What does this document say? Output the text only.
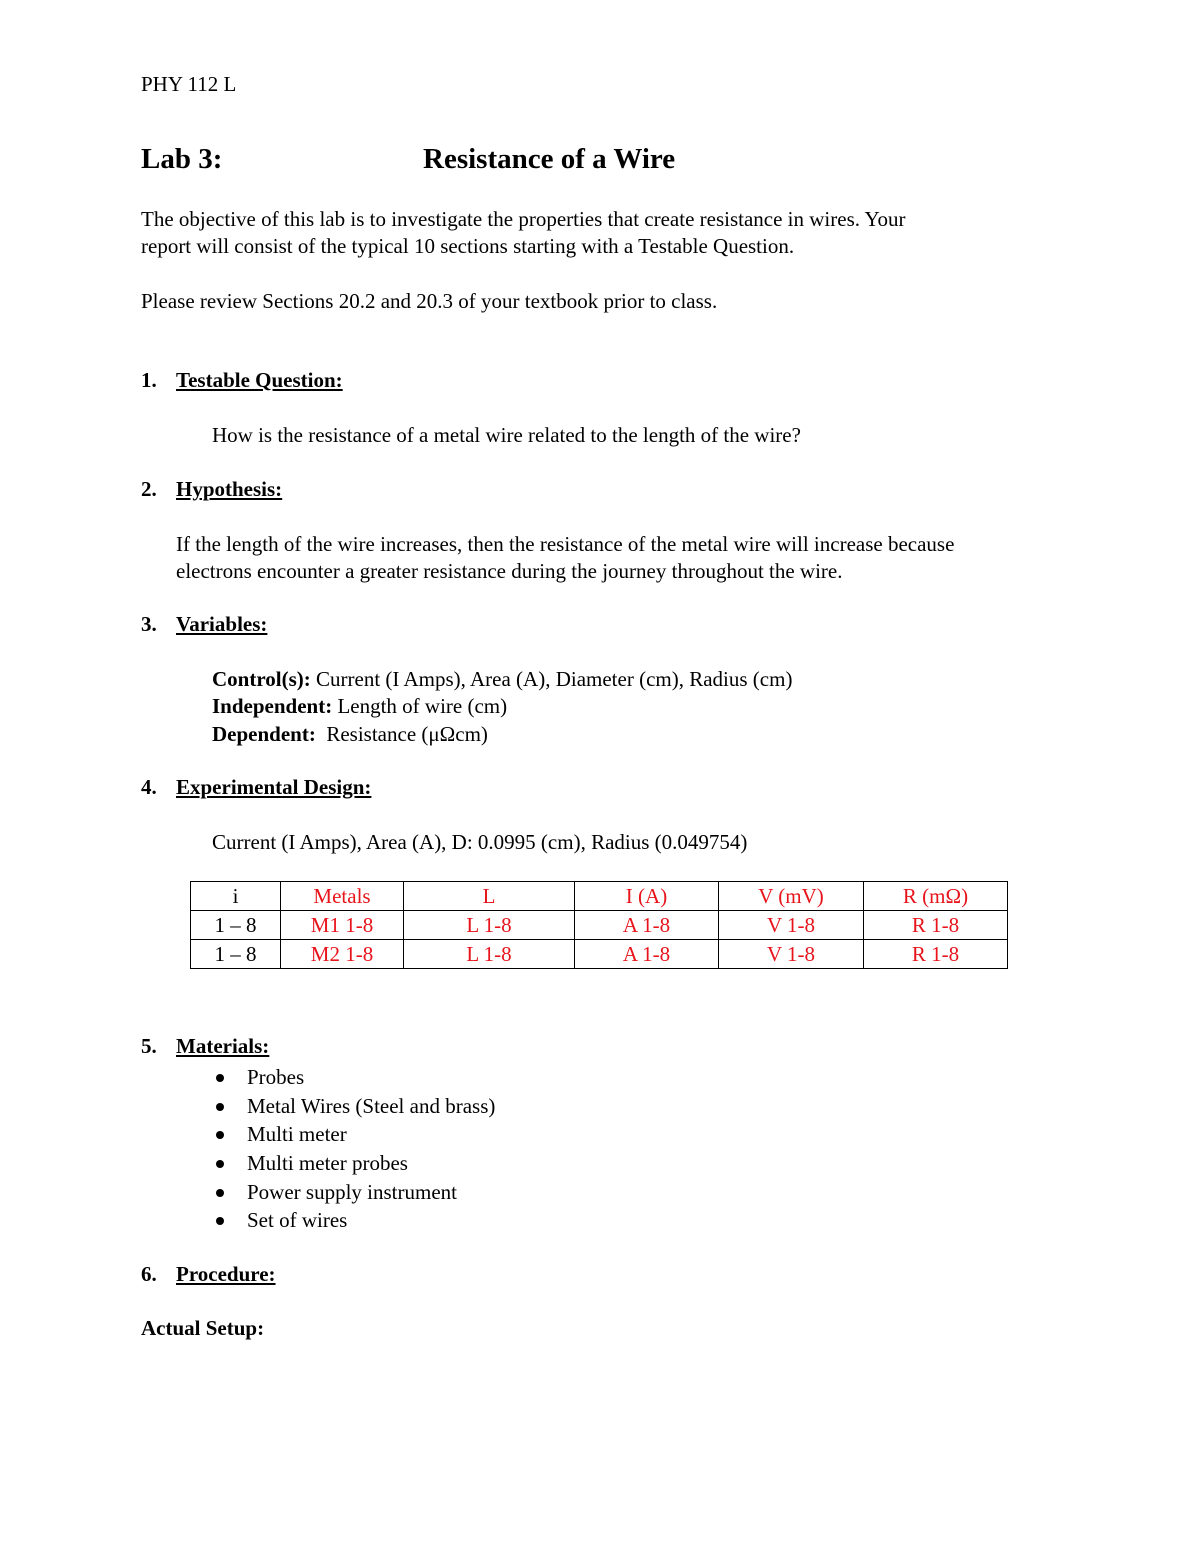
PHY 112 L
Lab 3:	Resistance of a Wire
The objective of this lab is to investigate the properties that create resistance in wires. Your
report will consist of the typical 10 sections starting with a Testable Question.
Please review Sections 20.2 and 20.3 of your textbook prior to class.
1. Testable Question:
How is the resistance of a metal wire related to the length of the wire?
2. Hypothesis:
If the length of the wire increases, then the resistance of the metal wire will increase because
electrons encounter a greater resistance during the journey throughout the wire.
3. Variables:
Control(s): Current (I Amps), Area (A), Diameter (cm), Radius (cm)
Independent: Length of wire (cm)
Dependent:  Resistance (μΩcm)
4. Experimental Design:
Current (I Amps), Area (A), D: 0.0995 (cm), Radius (0.049754)
i	Metals	L	I (A)	V (mV)	R (mΩ)
1 – 8	M1 1-8	L 1-8	A 1-8	V 1-8	R 1-8
1 – 8	M2 1-8	L 1-8	A 1-8	V 1-8	R 1-8
5. Materials:
Probes
Metal Wires (Steel and brass)
Multi meter
Multi meter probes
Power supply instrument
Set of wires
6. Procedure:
Actual Setup:
